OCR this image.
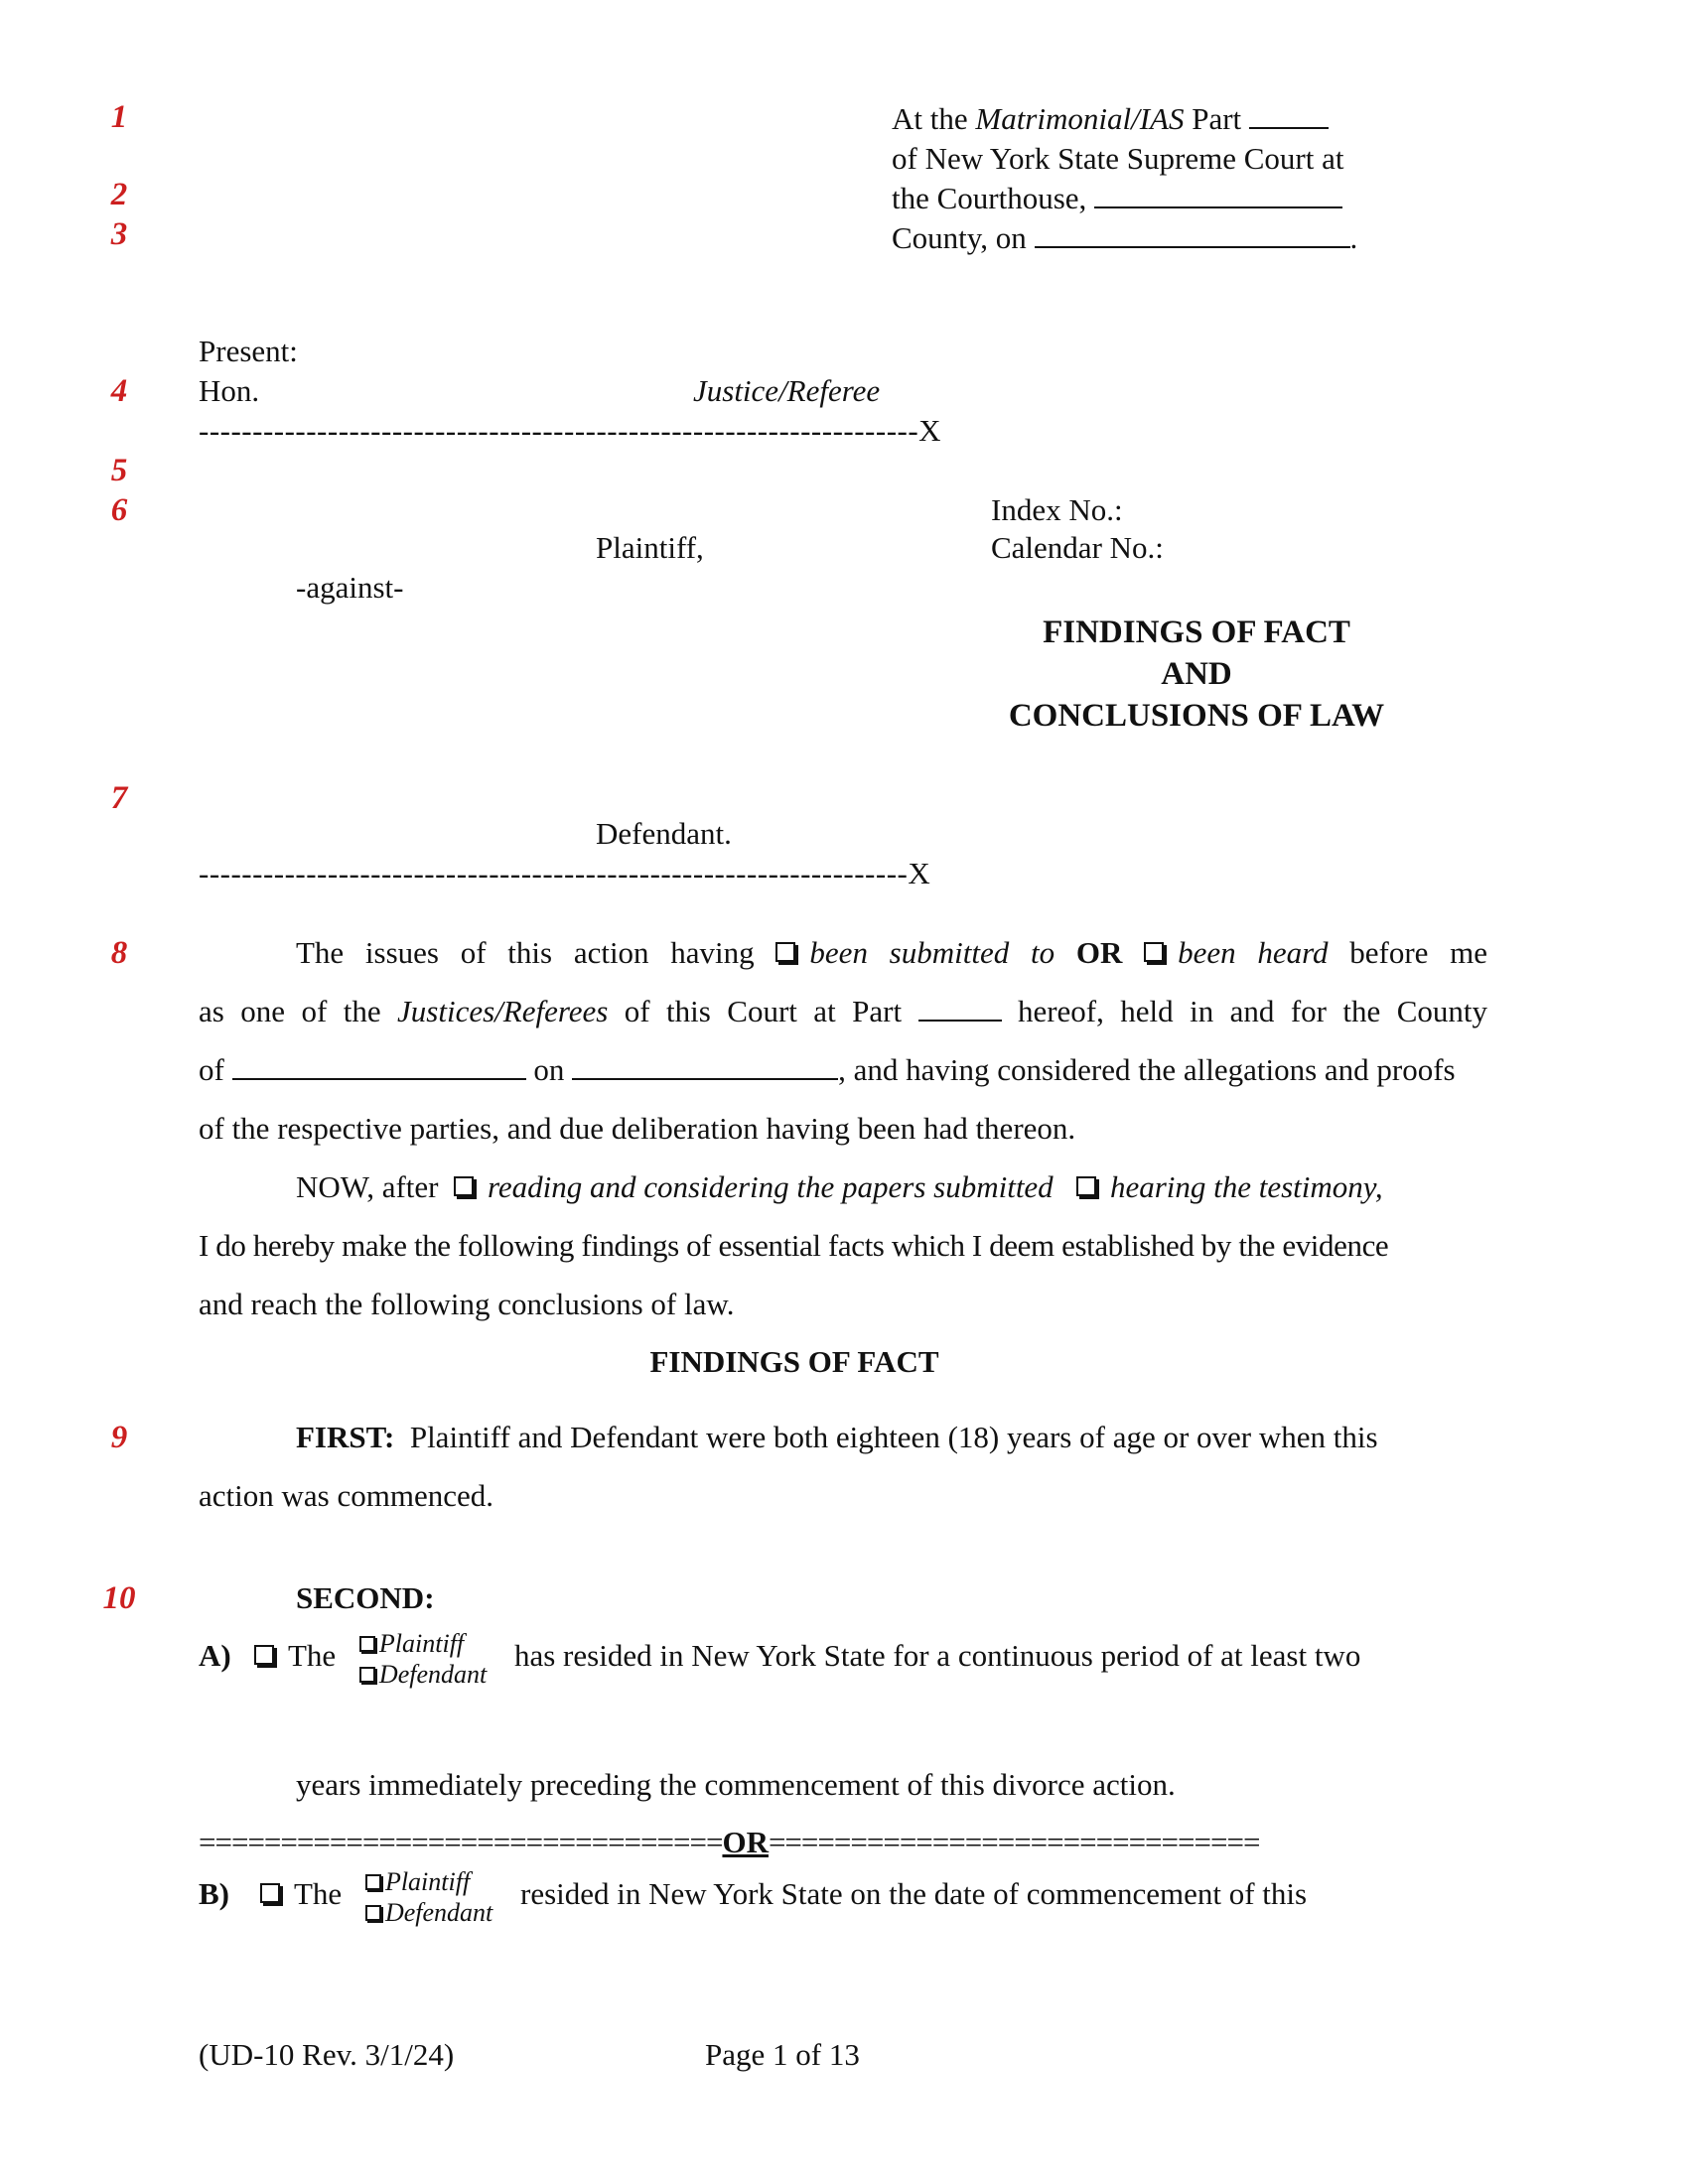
1
2
3
4
5
6
7
8
9
10
At the Matrimonial/IAS Part
of New York State Supreme Court at
the Courthouse,
County, on	.
Present:
Hon.	Justice/Referee
-------------------------------------------------------------------X
Plaintiff,
-against-
Defendant.
------------------------------------------------------------------X
Index No.:
Calendar No.:
FINDINGS OF FACT
AND
CONCLUSIONS OF LAW
The issues of this action having been submitted to OR been heard before me
as one of the Justices/Referees of this Court at Part	hereof, held in and for the County
of	on	, and having considered the allegations and proofs
of the respective parties, and due deliberation having been had thereon.
NOW, after reading and considering the papers submitted hearing the testimony,
I do hereby make the following findings of essential facts which I deem established by the evidence
and reach the following conclusions of law.
FINDINGS OF FACT
FIRST: Plaintiff and Defendant were both eighteen (18) years of age or over when this
action was commenced.
SECOND:
A) The	Plaintiff
Defendant
has resided in New York State for a continuous period of at least two
years immediately preceding the commencement of this divorce action.
================================OR==============================
B) The	Plaintiff
Defendant
resided in New York State on the date of commencement of this
(UD-10 Rev. 3/1/24)	Page 1 of 13
